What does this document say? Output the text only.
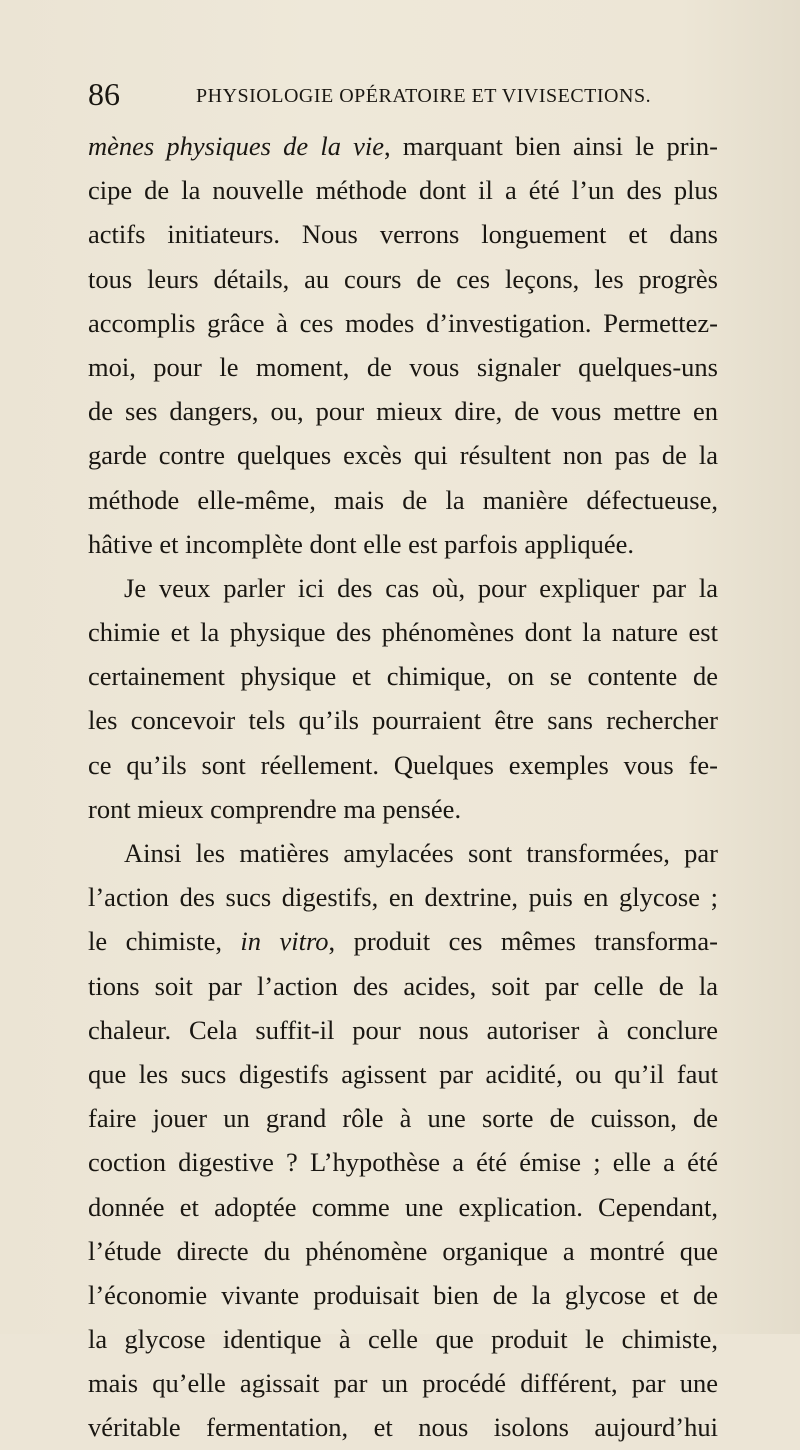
86	PHYSIOLOGIE OPÉRATOIRE ET VIVISECTIONS.
mènes physiques de la vie, marquant bien ainsi le prin-
cipe de la nouvelle méthode dont il a été l’un des plus
actifs initiateurs. Nous verrons longuement et dans
tous leurs détails, au cours de ces leçons, les progrès
accomplis grâce à ces modes d’investigation. Permettez-
moi, pour le moment, de vous signaler quelques-uns
de ses dangers, ou, pour mieux dire, de vous mettre en
garde contre quelques excès qui résultent non pas de la
méthode elle-même, mais de la manière défectueuse,
hâtive et incomplète dont elle est parfois appliquée.
Je veux parler ici des cas où, pour expliquer par la
chimie et la physique des phénomènes dont la nature est
certainement physique et chimique, on se contente de
les concevoir tels qu’ils pourraient être sans rechercher
ce qu’ils sont réellement. Quelques exemples vous fe-
ront mieux comprendre ma pensée.
Ainsi les matières amylacées sont transformées, par
l’action des sucs digestifs, en dextrine, puis en glycose ;
le chimiste, in vitro, produit ces mêmes transforma-
tions soit par l’action des acides, soit par celle de la
chaleur. Cela suffit-il pour nous autoriser à conclure
que les sucs digestifs agissent par acidité, ou qu’il faut
faire jouer un grand rôle à une sorte de cuisson, de
coction digestive ? L’hypothèse a été émise ; elle a été
donnée et adoptée comme une explication. Cependant,
l’étude directe du phénomène organique a montré que
l’économie vivante produisait bien de la glycose et de
la glycose identique à celle que produit le chimiste,
mais qu’elle agissait par un procédé différent, par une
véritable fermentation, et nous isolons aujourd’hui
